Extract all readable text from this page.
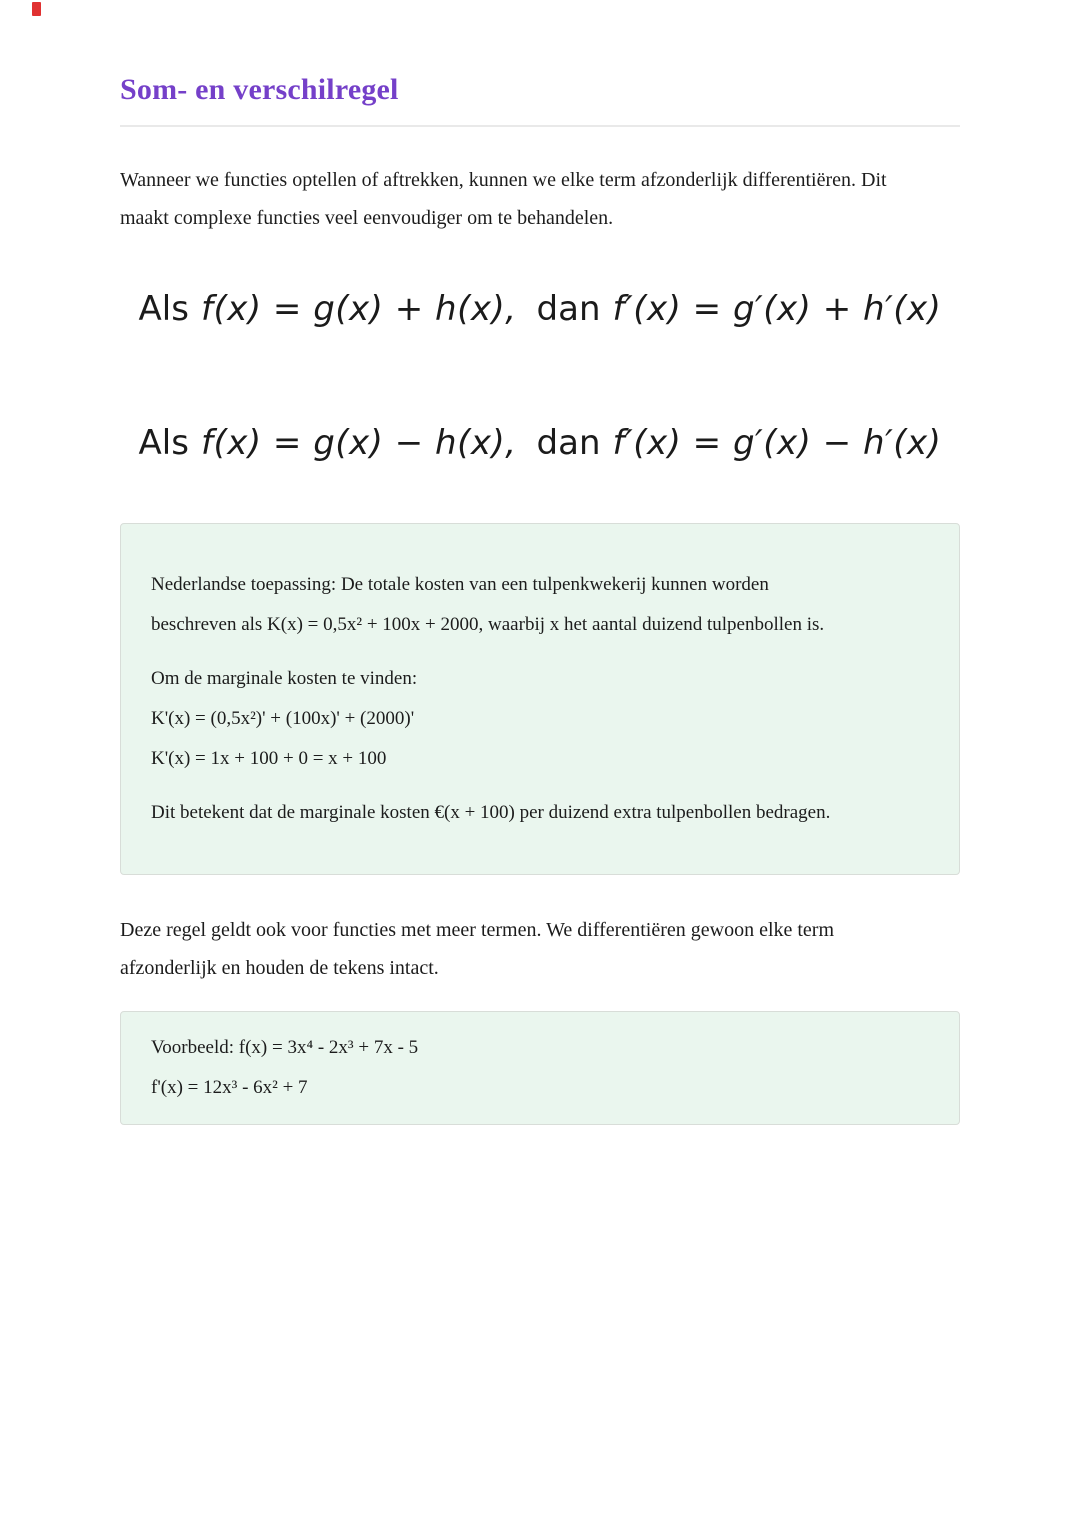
Som- en verschilregel
Wanneer we functies optellen of aftrekken, kunnen we elke term afzonderlijk differentiëren. Dit
maakt complexe functies veel eenvoudiger om te behandelen.
Als f(x) = g(x) + h(x), dan f′(x) = g′(x) + h′(x)
Als f(x) = g(x) − h(x), dan f′(x) = g′(x) − h′(x)
Nederlandse toepassing: De totale kosten van een tulpenkwekerij kunnen worden
beschreven als K(x) = 0,5x² + 100x + 2000, waarbij x het aantal duizend tulpenbollen is.
Om de marginale kosten te vinden:
K'(x) = (0,5x²)' + (100x)' + (2000)'
K'(x) = 1x + 100 + 0 = x + 100
Dit betekent dat de marginale kosten €(x + 100) per duizend extra tulpenbollen bedragen.
Deze regel geldt ook voor functies met meer termen. We differentiëren gewoon elke term
afzonderlijk en houden de tekens intact.
Voorbeeld: f(x) = 3x⁴ - 2x³ + 7x - 5
f'(x) = 12x³ - 6x² + 7
